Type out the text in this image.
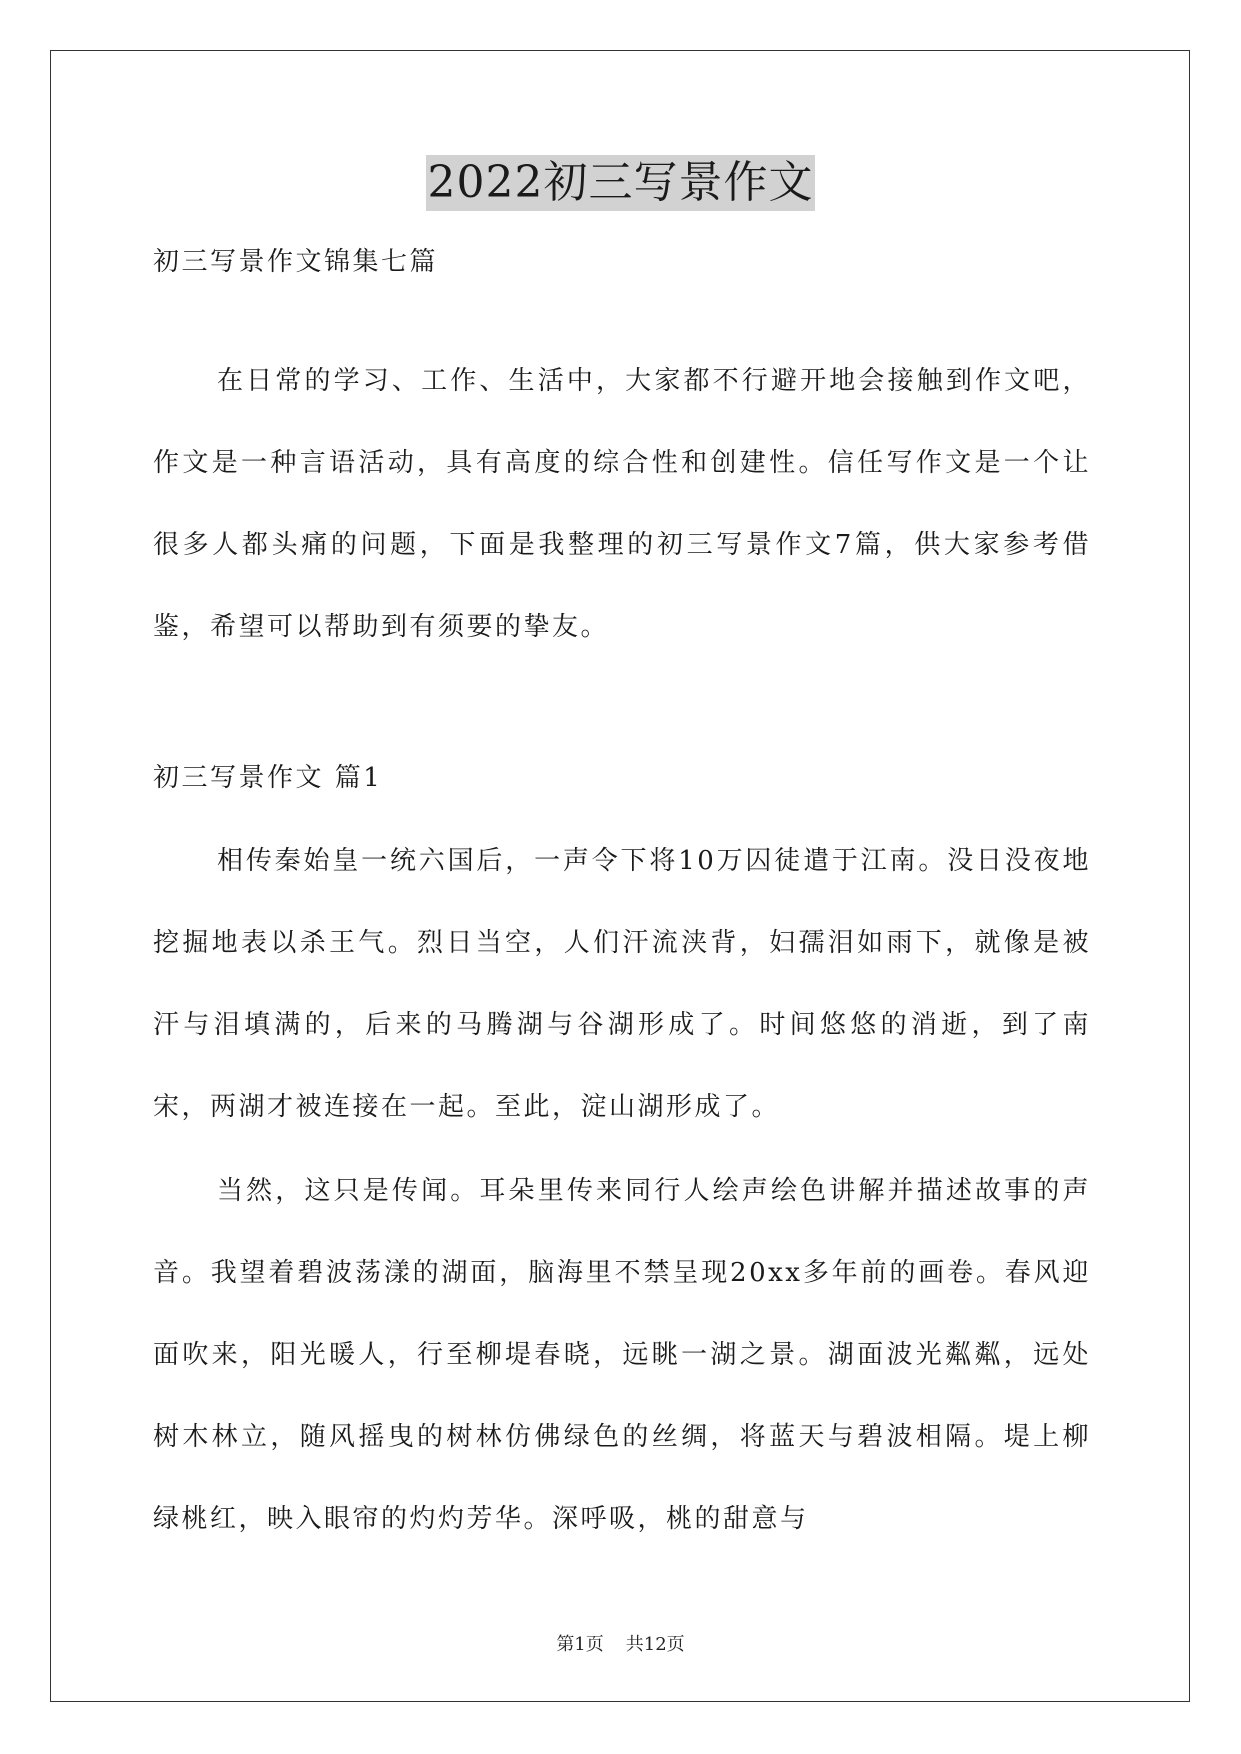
2022初三写景作文

初三写景作文锦集七篇

在日常的学习、工作、生活中，大家都不行避开地会接触到作文吧，作文是一种言语活动，具有高度的综合性和创建性。信任写作文是一个让很多人都头痛的问题，下面是我整理的初三写景作文7篇，供大家参考借鉴，希望可以帮助到有须要的挚友。

初三写景作文 篇1

相传秦始皇一统六国后，一声令下将10万囚徒遣于江南。没日没夜地挖掘地表以杀王气。烈日当空，人们汗流浃背，妇孺泪如雨下，就像是被汗与泪填满的，后来的马腾湖与谷湖形成了。时间悠悠的消逝，到了南宋，两湖才被连接在一起。至此，淀山湖形成了。

当然，这只是传闻。耳朵里传来同行人绘声绘色讲解并描述故事的声音。我望着碧波荡漾的湖面，脑海里不禁呈现20xx多年前的画卷。春风迎面吹来，阳光暖人，行至柳堤春晓，远眺一湖之景。湖面波光粼粼，远处树木林立，随风摇曳的树林仿佛绿色的丝绸，将蓝天与碧波相隔。堤上柳绿桃红，映入眼帘的灼灼芳华。深呼吸，桃的甜意与

第1页 共12页
